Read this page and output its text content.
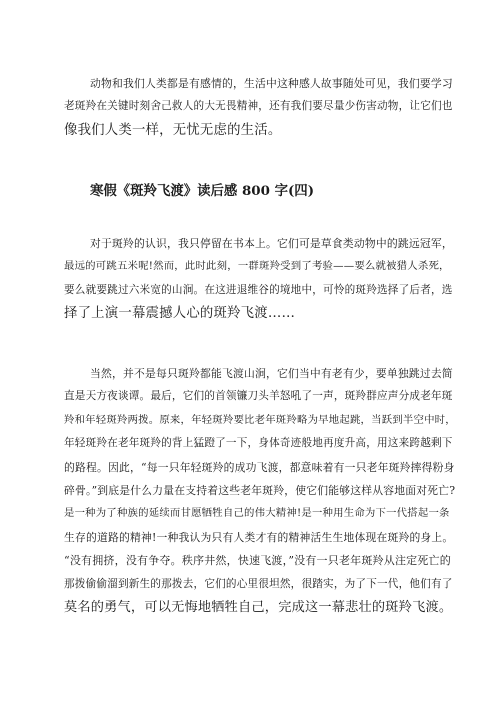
动物和我们人类都是有感情的，生活中这种感人故事随处可见，我们要学习
老斑羚在关键时刻舍己救人的大无畏精神，还有我们要尽量少伤害动物，让它们也
像我们人类一样，无忧无虑的生活。

寒假《斑羚飞渡》读后感 800 字(四)

对于斑羚的认识，我只停留在书本上。它们可是草食类动物中的跳远冠军，
最远的可跳五米呢!然而，此时此刻，一群斑羚受到了考验——要么就被猎人杀死，
要么就要跳过六米宽的山涧。在这进退维谷的境地中，可怜的斑羚选择了后者，选
择了上演一幕震撼人心的斑羚飞渡……

当然，并不是每只斑羚都能飞渡山涧，它们当中有老有少，要单独跳过去简
直是天方夜谈谭。最后，它们的首领镰刀头羊怒吼了一声，斑羚群应声分成老年斑
羚和年轻斑羚两拨。原来，年轻斑羚要比老年斑羚略为早地起跳，当跃到半空中时，
年轻斑羚在老年斑羚的背上猛蹬了一下，身体奇迹般地再度升高，用这来跨越剩下
的路程。因此，“每一只年轻斑羚的成功飞渡，都意味着有一只老年斑羚摔得粉身
碎骨。”到底是什么力量在支持着这些老年斑羚，使它们能够这样从容地面对死亡?
是一种为了种族的延续而甘愿牺牲自己的伟大精神!是一种用生命为下一代搭起一条
生存的道路的精神!一种我认为只有人类才有的精神活生生地体现在斑羚的身上。
“没有拥挤，没有争夺。秩序井然，快速飞渡，”没有一只老年斑羚从注定死亡的
那拨偷偷溜到新生的那拨去，它们的心里很坦然，很踏实，为了下一代，他们有了
莫名的勇气，可以无悔地牺牲自己，完成这一幕悲壮的斑羚飞渡。
